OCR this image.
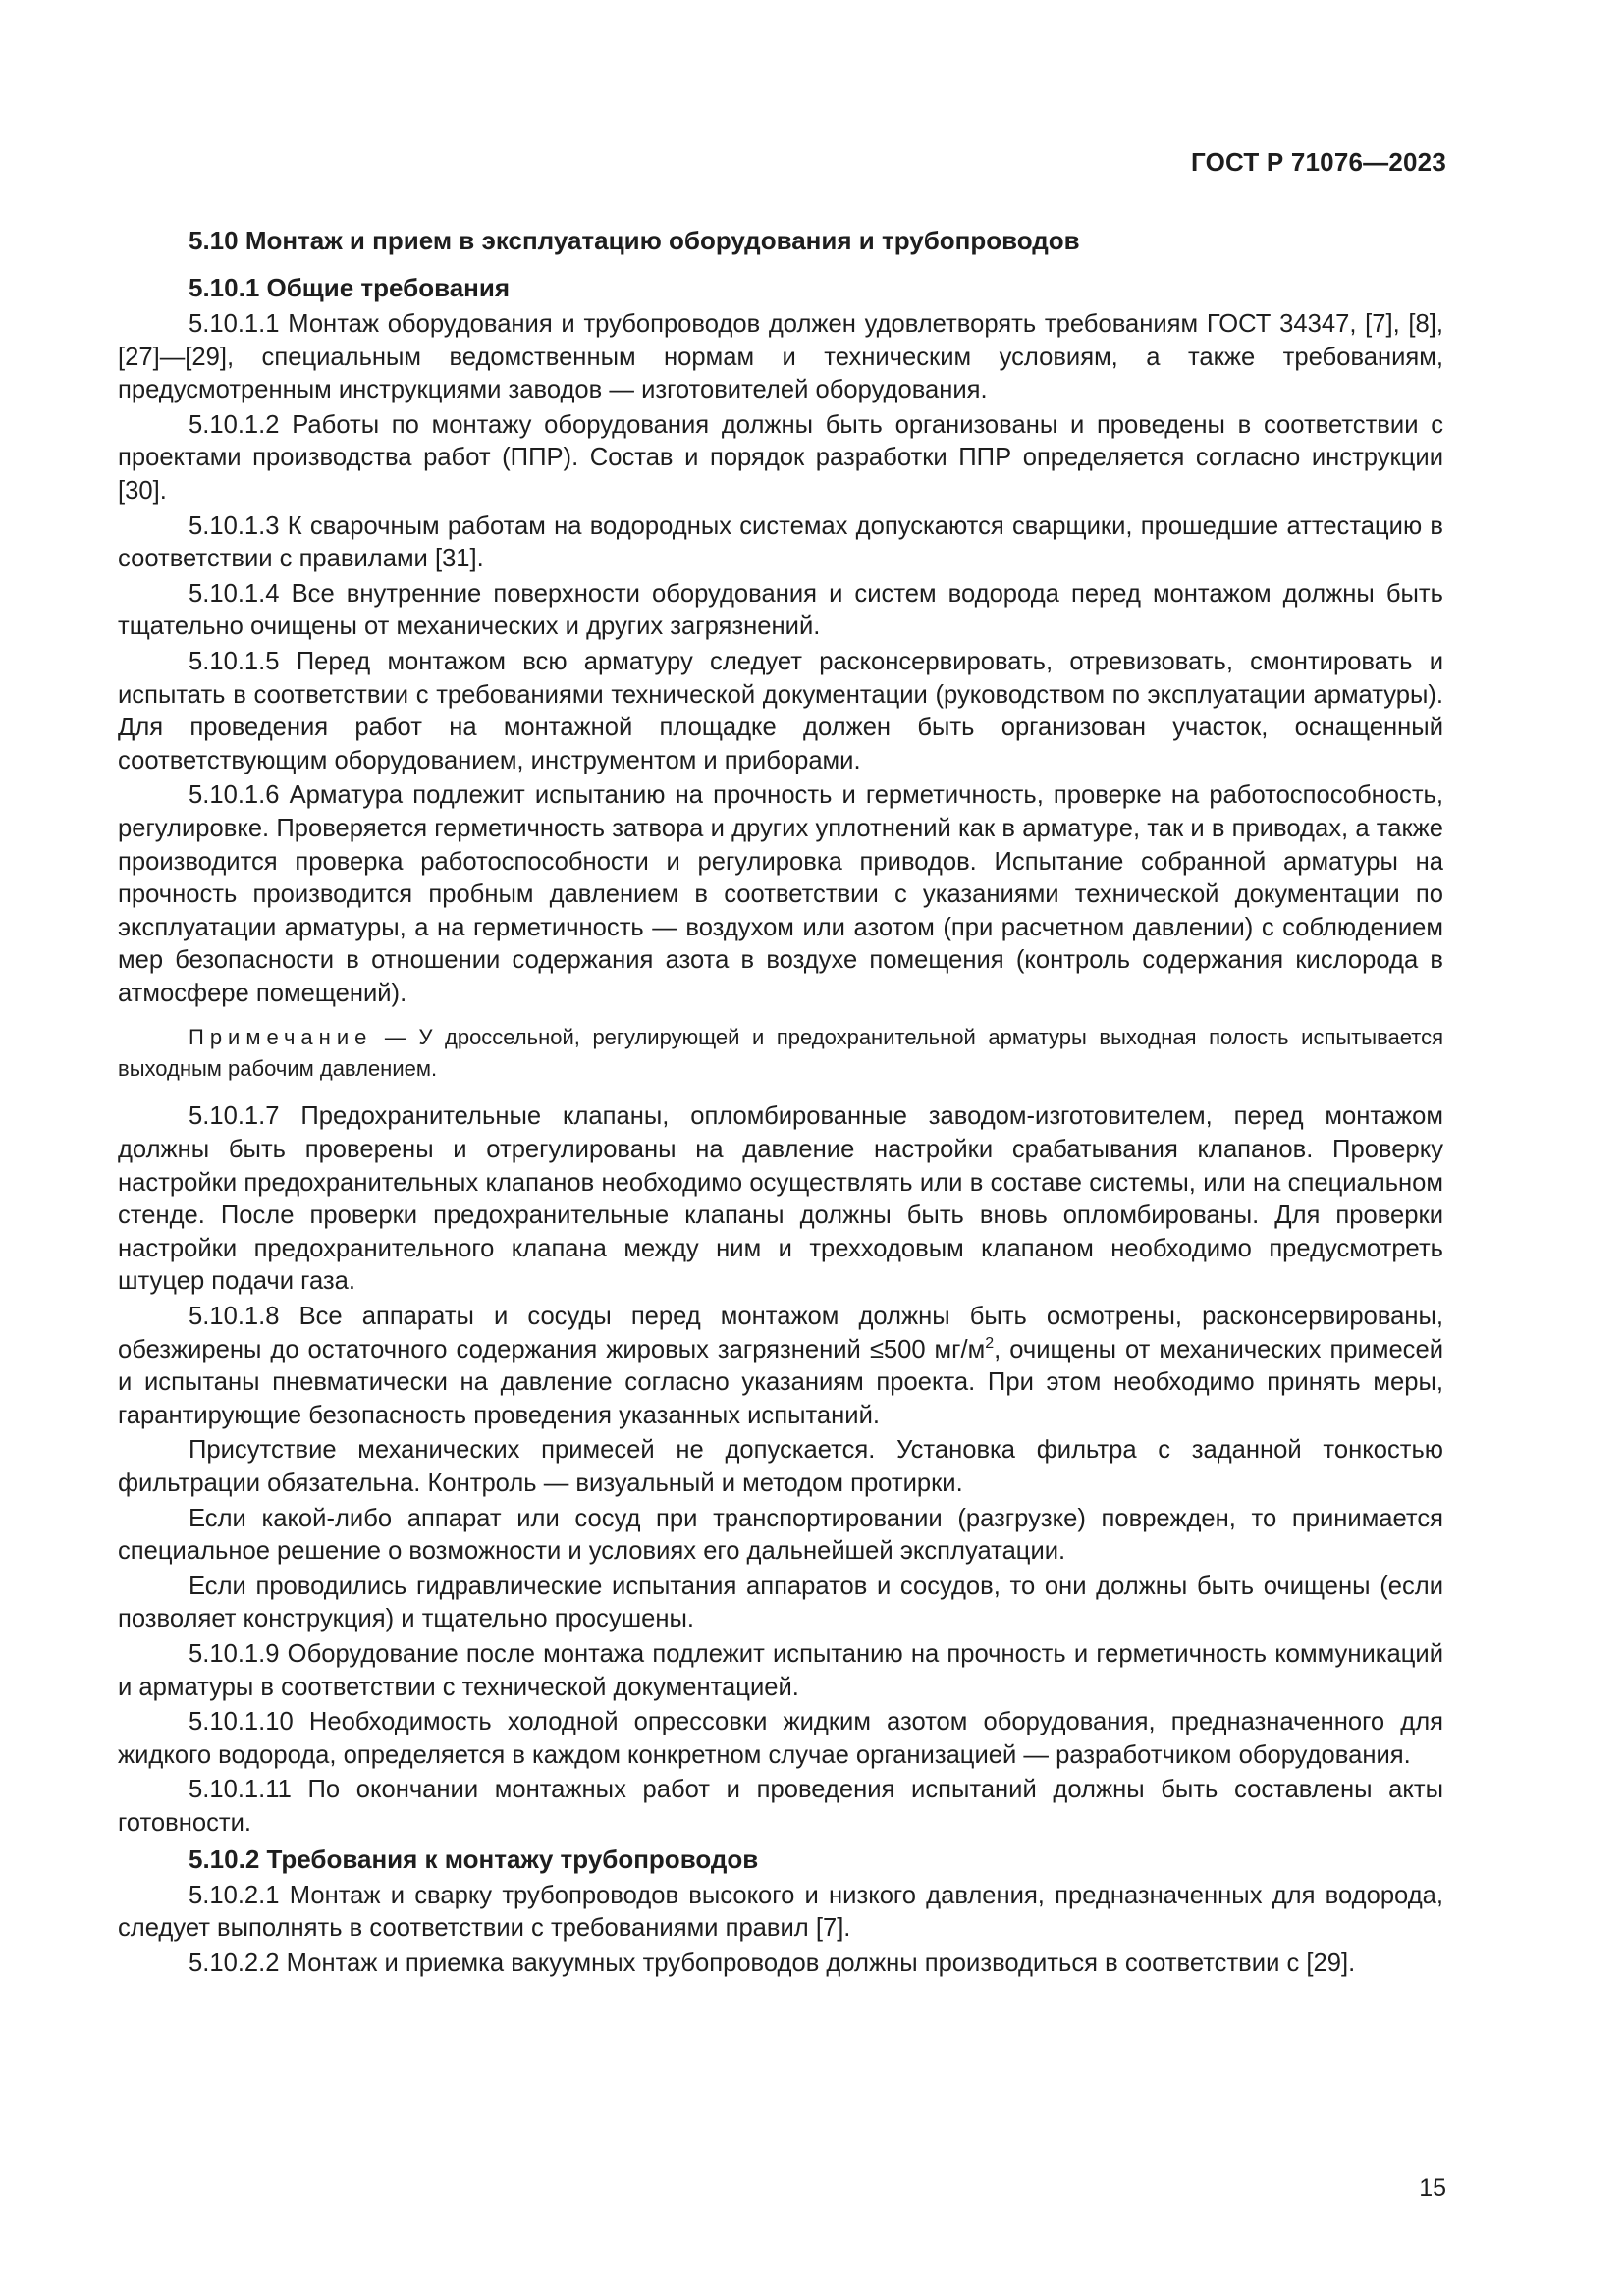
ГОСТ Р 71076—2023
5.10 Монтаж и прием в эксплуатацию оборудования и трубопроводов
5.10.1 Общие требования

5.10.1.1 Монтаж оборудования и трубопроводов должен удовлетворять требованиям ГОСТ 34347, [7], [8], [27]—[29], специальным ведомственным нормам и техническим условиям, а также требованиям, предусмотренным инструкциями заводов — изготовителей оборудования.

5.10.1.2 Работы по монтажу оборудования должны быть организованы и проведены в соответствии с проектами производства работ (ППР). Состав и порядок разработки ППР определяется согласно инструкции [30].

5.10.1.3 К сварочным работам на водородных системах допускаются сварщики, прошедшие аттестацию в соответствии с правилами [31].

5.10.1.4 Все внутренние поверхности оборудования и систем водорода перед монтажом должны быть тщательно очищены от механических и других загрязнений.

5.10.1.5 Перед монтажом всю арматуру следует расконсервировать, отревизовать, смонтировать и испытать в соответствии с требованиями технической документации (руководством по эксплуатации арматуры). Для проведения работ на монтажной площадке должен быть организован участок, оснащенный соответствующим оборудованием, инструментом и приборами.

5.10.1.6 Арматура подлежит испытанию на прочность и герметичность, проверке на работоспособность, регулировке. Проверяется герметичность затвора и других уплотнений как в арматуре, так и в приводах, а также производится проверка работоспособности и регулировка приводов. Испытание собранной арматуры на прочность производится пробным давлением в соответствии с указаниями технической документации по эксплуатации арматуры, а на герметичность — воздухом или азотом (при расчетном давлении) с соблюдением мер безопасности в отношении содержания азота в воздухе помещения (контроль содержания кислорода в атмосфере помещений).

Примечание — У дроссельной, регулирующей и предохранительной арматуры выходная полость испытывается выходным рабочим давлением.

5.10.1.7 Предохранительные клапаны, опломбированные заводом-изготовителем, перед монтажом должны быть проверены и отрегулированы на давление настройки срабатывания клапанов. Проверку настройки предохранительных клапанов необходимо осуществлять или в составе системы, или на специальном стенде. После проверки предохранительные клапаны должны быть вновь опломбированы. Для проверки настройки предохранительного клапана между ним и трехходовым клапаном необходимо предусмотреть штуцер подачи газа.

5.10.1.8 Все аппараты и сосуды перед монтажом должны быть осмотрены, расконсервированы, обезжирены до остаточного содержания жировых загрязнений ≤500 $мг/м^2$, очищены от механических примесей и испытаны пневматически на давление согласно указаниям проекта. При этом необходимо принять меры, гарантирующие безопасность проведения указанных испытаний.

Присутствие механических примесей не допускается. Установка фильтра с заданной тонкостью фильтрации обязательна. Контроль — визуальный и методом протирки.

Если какой-либо аппарат или сосуд при транспортировании (разгрузке) поврежден, то принимается специальное решение о возможности и условиях его дальнейшей эксплуатации.

Если проводились гидравлические испытания аппаратов и сосудов, то они должны быть очищены (если позволяет конструкция) и тщательно просушены.

5.10.1.9 Оборудование после монтажа подлежит испытанию на прочность и герметичность коммуникаций и арматуры в соответствии с технической документацией.

5.10.1.10 Необходимость холодной опрессовки жидким азотом оборудования, предназначенного для жидкого водорода, определяется в каждом конкретном случае организацией — разработчиком оборудования.

5.10.1.11 По окончании монтажных работ и проведения испытаний должны быть составлены акты готовности.

5.10.2 Требования к монтажу трубопроводов

5.10.2.1 Монтаж и сварку трубопроводов высокого и низкого давления, предназначенных для водорода, следует выполнять в соответствии с требованиями правил [7].

5.10.2.2 Монтаж и приемка вакуумных трубопроводов должны производиться в соответствии с [29].

15
